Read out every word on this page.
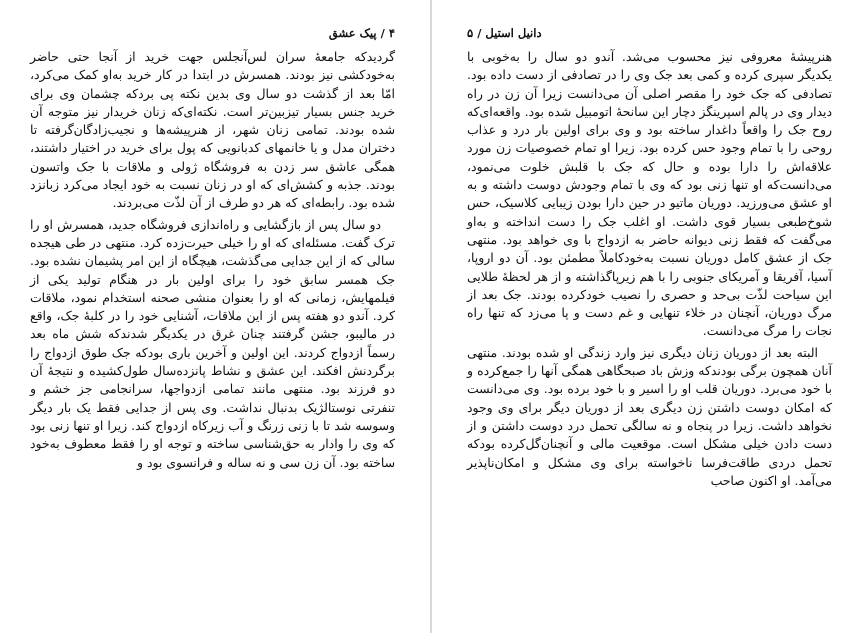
۴ / پیک عشق

گردیدکه جامعهٔ سران لس‌آنجلس جهت خرید از آنجا حتی حاضر به‌خودکشی نیز بودند. همسرش در ابتدا در کار خرید به‌او کمک می‌کرد، امّا بعد از گذشت دو سال وی بدین نکته پی بردکه چشمان وی برای خرید جنس بسیار تیزبین‌تر است. نکته‌ای‌که زنان خریدار نیز متوجه آن شده بودند. تمامی زنان شهر، از هنرپیشه‌ها و نجیب‌زادگان‌گرفته تا دختران مدل و یا خانمهای کدبانویی که پول برای خرید در اختیار داشتند، همگی عاشق سر زدن به فروشگاه ژولی و ملاقات با جک واتسون بودند. جذبه و کشش‌ای که او در زنان نسبت به خود ایجاد می‌کرد زبانزد شده بود. رابطه‌ای که هر دو طرف از آن لذّت می‌بردند.

دو سال پس از بازگشایی و راه‌اندازی فروشگاه جدید، همسرش او را ترک گفت. مسئله‌ای که او را خیلی حیرت‌زده کرد. منتهی در طی هیجده سالی که از این جدایی می‌گذشت، هیچگاه از این امر پشیمان نشده بود. جک همسر سابق خود را برای اولین بار در هنگام تولید یکی از فیلمهایش، زمانی که او را بعنوان منشی صحنه استخدام نمود، ملاقات کرد. آندو دو هفته پس از این ملاقات، آشنایی خود را در کلبهٔ جک، واقع در مالیبو، جشن گرفتند چنان غرق در یکدیگر شدندکه شش ماه بعد رسماً ازدواج کردند. این اولین و آخرین باری بودکه جک طوق ازدواج را برگردنش افکند. این عشق و نشاط پانزده‌سال طول‌کشیده و نتیجهٔ آن دو فرزند بود. منتهی مانند تمامی ازدواجها، سرانجامی جز خشم و تنفرتی نوستالژیک بدنبال نداشت. وی پس از جدایی فقط یک بار دیگر وسوسه شد تا با زنی زرنگ و آب زیرکاه ازدواج کند. زیرا او تنها زنی بود که وی را وادار به حق‌شناسی ساخته و توجه او را فقط معطوف به‌خود ساخته بود. آن زن سی و نه ساله و فرانسوی بود و

دانیل استیل / ۵

هنرپیشهٔ معروفی نیز محسوب می‌شد. آندو دو سال را به‌خوبی با یکدیگر سپری کرده و کمی بعد جک وی را در تصادفی از دست داده بود. تصادفی که جک خود را مقصر اصلی آن می‌دانست زیرا آن زن در راه دیدار وی در پالم اسپرینگز دچار این سانحهٔ اتومبیل شده بود. واقعه‌ای‌که روح جک را واقعاً داغدار ساخته بود و وی برای اولین بار درد و عذاب روحی را با تمام وجود حس کرده بود. زیرا او تمام خصوصیات زن مورد علاقه‌اش را دارا بوده و حال که جک با قلبش خلوت می‌نمود، می‌دانست‌که او تنها زنی بود که وی با تمام وجودش دوست داشته و به او عشق می‌ورزید. دوریان ماتیو در حین دارا بودن زیبایی کلاسیک، حس شوخ‌طبعی بسیار قوی داشت. او اغلب جک را دست انداخته و به‌او می‌گفت که فقط زنی دیوانه حاضر به ازدواج با وی خواهد بود. منتهی جک از عشق کامل دوریان نسبت به‌خودکاملاً مطمئن بود. آن دو اروپا، آسیا، آفریقا و آمریکای جنوبی را با هم زیرپاگذاشته و از هر لحظهٔ طلایی این سیاحت لذّت بی‌حد و حصری را نصیب خودکرده بودند. جک بعد از مرگ دوریان، آنچنان در خلاء تنهایی و غم دست و پا می‌زد که تنها راه نجات را مرگ می‌دانست.

البته بعد از دوریان زنان دیگری نیز وارد زندگی او شده بودند. منتهی آنان همچون برگی بودندکه وزش باد صبحگاهی همگی آنها را جمع‌کرده و با خود می‌برد. دوریان قلب او را اسیر و با خود برده بود. وی می‌دانست که امکان دوست داشتن زن دیگری بعد از دوریان دیگر برای وی وجود نخواهد داشت. زیرا در پنجاه و نه سالگی تحمل درد دوست داشتن و از دست دادن خیلی مشکل است. موقعیت مالی و آنچنان‌گل‌کرده بودکه تحمل دردی طاقت‌فرسا ناخواسته برای وی مشکل و امکان‌ناپذیر می‌آمد. او اکنون صاحب
